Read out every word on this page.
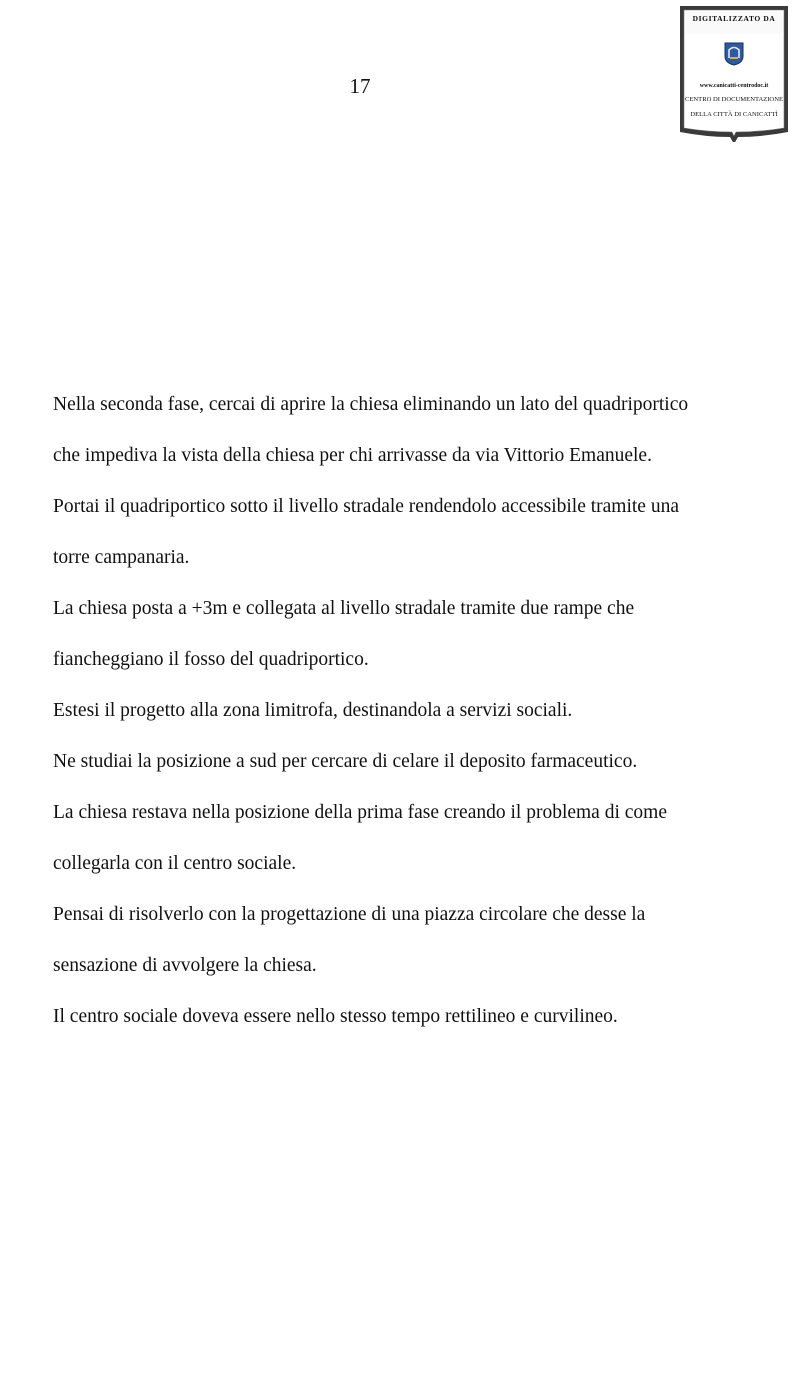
17
DIGITALIZZATO DA
www.canicatti-centrodoc.it
CENTRO DI DOCUMENTAZIONE
DELLA CITTÀ DI CANICATTÌ

Nella seconda fase, cercai di aprire la chiesa eliminando un lato del quadriportico

che impediva la vista della chiesa per chi arrivasse da via Vittorio Emanuele.

Portai il quadriportico sotto il livello stradale rendendolo accessibile tramite una

torre campanaria.

La chiesa posta a +3m e collegata al livello stradale tramite due rampe che

fiancheggiano il fosso del quadriportico.

Estesi il progetto alla zona limitrofa, destinandola a servizi sociali.

Ne studiai la posizione a sud per cercare di celare il deposito farmaceutico.

La chiesa restava nella posizione della prima fase creando il problema di come

collegarla con il centro sociale.

Pensai di risolverlo con la progettazione di una piazza circolare che desse la

sensazione di avvolgere la chiesa.

Il centro sociale doveva essere nello stesso tempo rettilineo e curvilineo.
